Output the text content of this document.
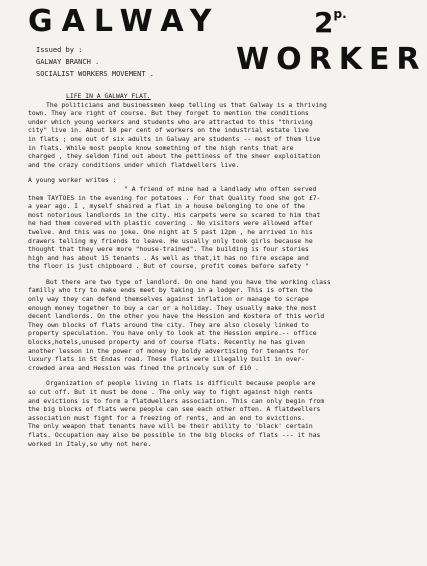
GALWAY	$2^{p.}$
WORKER
Issued by :
GALWAY BRANCH .
SOCIALIST WORKERS MOVEMENT .
LIFE IN A GALWAY FLAT.
The politicians and businessmen keep telling us that Galway is a thriving
town. They are right of course. But they forget to mention the conditions
under which young workers and students who are attracted to this "thriving
city" live in. About 10 per cent of workers on the industrial estate live
in flats ; one out of six adults in Galway are students -- most of them live
in flats. While most people know something of the high rents that are
charged , they seldom find out about the pettiness of the sheer exploitation
and the crazy conditions under which flatdwellers live.
A young worker writes :
" A friend of mine had a landlady who often served
them TAYTOES in the evening for potatoes . For that Quality food she got £7-
a year ago. I , myself shaired a flat in a house belonging to one of the
most notorious landlords in the city. His carpets were so scared to him that
he had them covered with plastic covering . No visitors were allowed after
twelve. And this was no joke. One night at 5 past 12pm , he arrived in his
drawers telling my friends to leave. He usually only took girls because he
thought that they were more "house-trained". The building is four stories
high and has about 15 tenants . As well as that,it has no fire escape and
the floor is just chipboard . But of course, profit comes before safety "
But there are two type of landlord. On one hand you have the working class
familly who try to make ends meet by taking in a lodger. This is often the
only way they can defend themselves against inflation or manage to scrape
enough money together to buy a car or a holiday. They usually make the most
decent landlords. On the other you have the Hession and Kostera of this world
They own blocks of flats around the city. They are also closely linked to
property speculation. You have only to look at the Hession empire.-- office
blocks,hotels,unused property and of course flats. Recently he has given
another lesson in the power of money by boldy advertising for tenants for
luxury flats in St Endas road. These flats were illegally built in over-
crowded area and Hession was fined the princely sum of £10 .
Organization of people living in flats is difficult because people are
so cut off. But it must be done . The only way to fight against high rents
and evictions is to form a flatdwellers association. This can only begin from
the big blocks of flats were people can see each other often. A flatdwellers
association must fight for a freezing of rents, and an end to evictions.
The only weapon that tenants have will be their ability to 'black' certain
flats. Occupation may also be possible in the big blocks of flats --- it has
worked in Italy,so why not here.
